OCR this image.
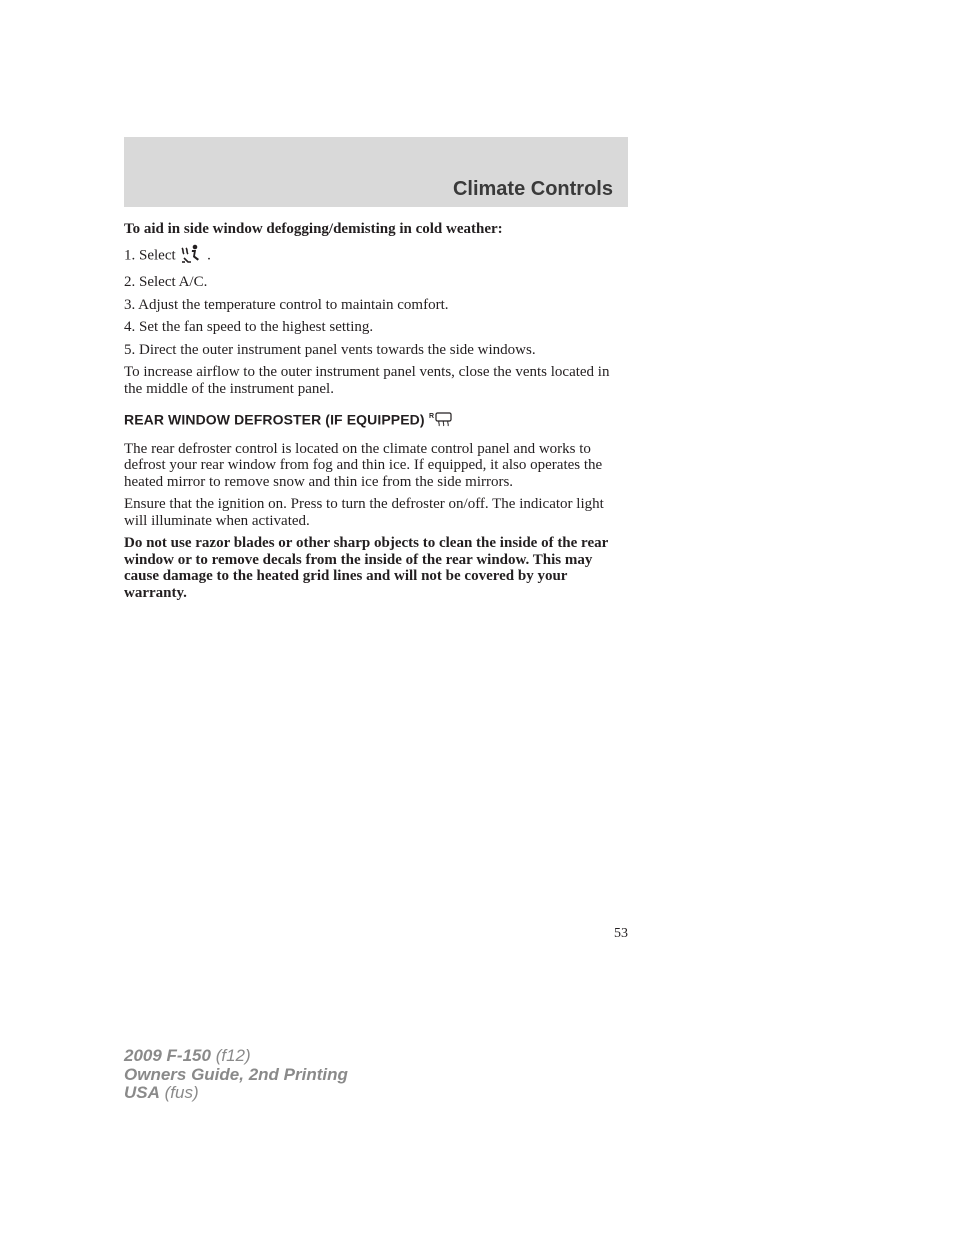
Climate Controls

To aid in side window defogging/demisting in cold weather:

1. Select .

2. Select A/C.

3. Adjust the temperature control to maintain comfort.

4. Set the fan speed to the highest setting.

5. Direct the outer instrument panel vents towards the side windows.

To increase airflow to the outer instrument panel vents, close the vents located in the middle of the instrument panel.

REAR WINDOW DEFROSTER (IF EQUIPPED) R

The rear defroster control is located on the climate control panel and works to defrost your rear window from fog and thin ice. If equipped, it also operates the heated mirror to remove snow and thin ice from the side mirrors.

Ensure that the ignition on. Press to turn the defroster on/off. The indicator light will illuminate when activated.

Do not use razor blades or other sharp objects to clean the inside of the rear window or to remove decals from the inside of the rear window. This may cause damage to the heated grid lines and will not be covered by your warranty.

53
2009 F-150 (f12)
Owners Guide, 2nd Printing
USA (fus)
